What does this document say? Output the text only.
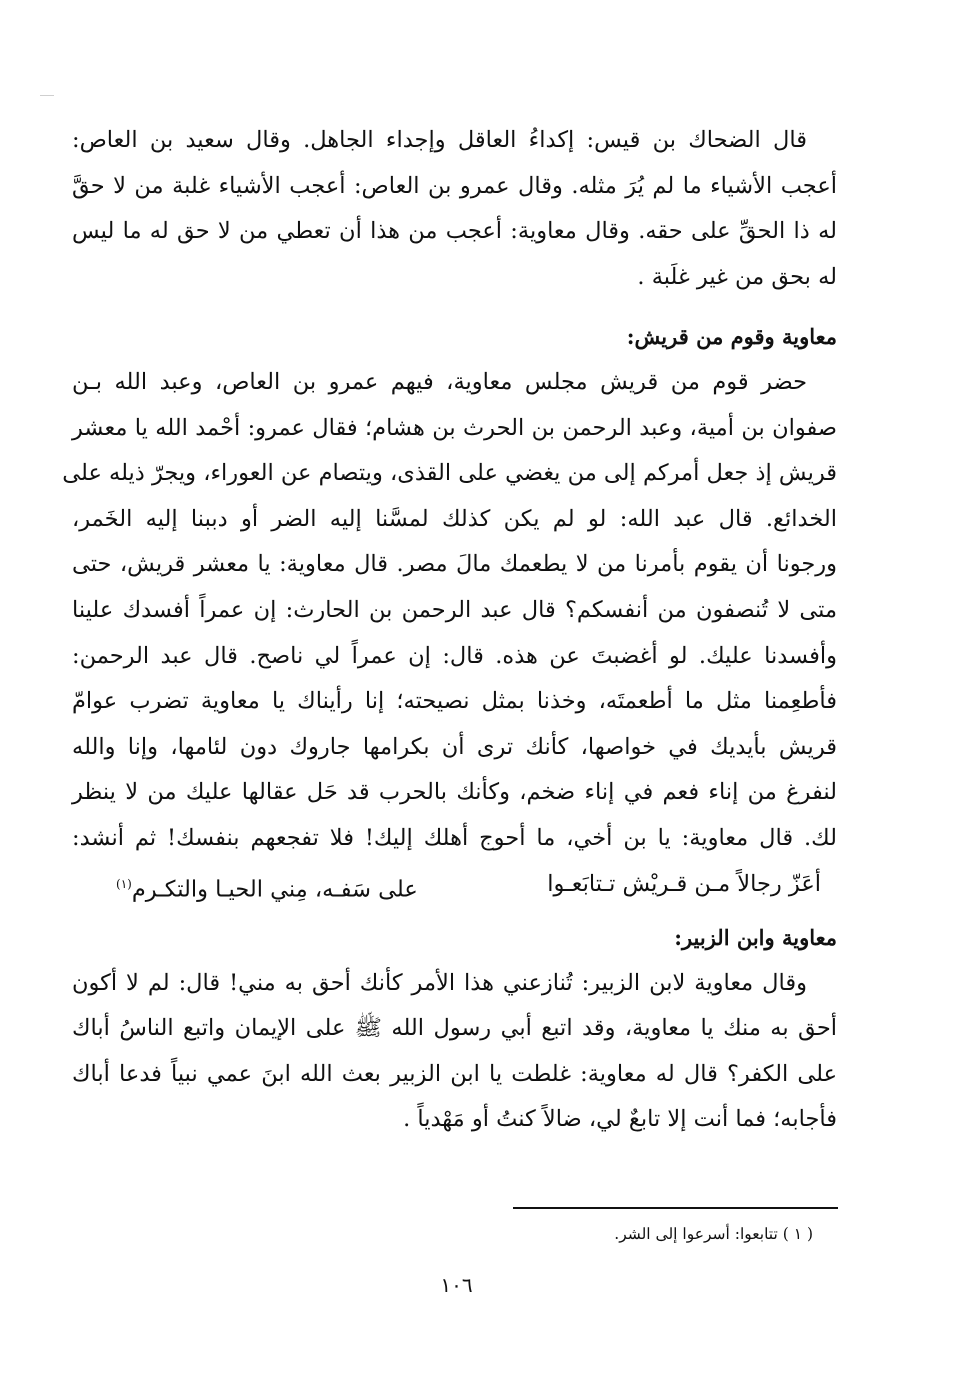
قال الضحاك بن قيس: إكداءُ العاقل وإجداء الجاهل. وقال سعيد بن العاص:
أعجب الأشياء ما لم يُرَ مثله. وقال عمرو بن العاص: أعجب الأشياء غلبة من لا حقَّ
له ذا الحقِّ على حقه. وقال معاوية: أعجب من هذا أن تعطي من لا حق له ما ليس
له بحق من غير غلَبة .
معاوية وقوم من قريش:
حضر قوم من قريش مجلس معاوية، فيهم عمرو بن العاص، وعبد الله بـن
صفوان بن أمية، وعبد الرحمن بن الحرث بن هشام؛ فقال عمرو: أحْمد الله يا معشر
قريش إذ جعل أمركم إلى من يغضي على القذى، ويتصام عن العوراء، ويجرّ ذيله على
الخدائع. قال عبد الله: لو لم يكن كذلك لمسَّنا إليه الضر أو دببنا إليه الخَمر،
ورجونا أن يقوم بأمرنا من لا يطعمك مالَ مصر. قال معاوية: يا معشر قريش، حتى
متى لا تُنصفون من أنفسكم؟ قال عبد الرحمن بن الحارث: إن عمراً أفسدك علينا
وأفسدنا عليك. لو أغضبتَ عن هذه. قال: إن عمراً لي ناصح. قال عبد الرحمن:
فأطعِمنا مثل ما أطعمتَه، وخذنا بمثل نصيحته؛ إنا رأيناك يا معاوية تضرب عوامّ
قريش بأيديك في خواصها، كأنك ترى أن بكرامها جاروك دون لئامها، وإنا والله
لنفرغ من إناء فعم في إناء ضخم، وكأنك بالحرب قد حَل عقالها عليك من لا ينظر
لك. قال معاوية: يا بن أخي، ما أحوج أهلك إليك! فلا تفجعهم بنفسك! ثم أنشد:
أعَزّ رجالاً مـن قـريْش تـتابَعـوا
على سَفـه، مِني الحيـا والتكـرم$^{(١)}$
معاوية وابن الزبير:
وقال معاوية لابن الزبير: تُنازعني هذا الأمر كأنك أحق به مني! قال: لم لا أكون
أحق به منك يا معاوية، وقد اتبع أبي رسول الله ﷺ على الإيمان واتبع الناسُ أباك
على الكفر؟ قال له معاوية: غلطت يا ابن الزبير بعث الله ابنَ عمي نبياً فدعا أباك
فأجابه؛ فما أنت إلا تابعٌ لي، ضالاً كنتُ أو مَهْدياً .
( ١ ) تتابعوا: أسرعوا إلى الشر.
١٠٦
